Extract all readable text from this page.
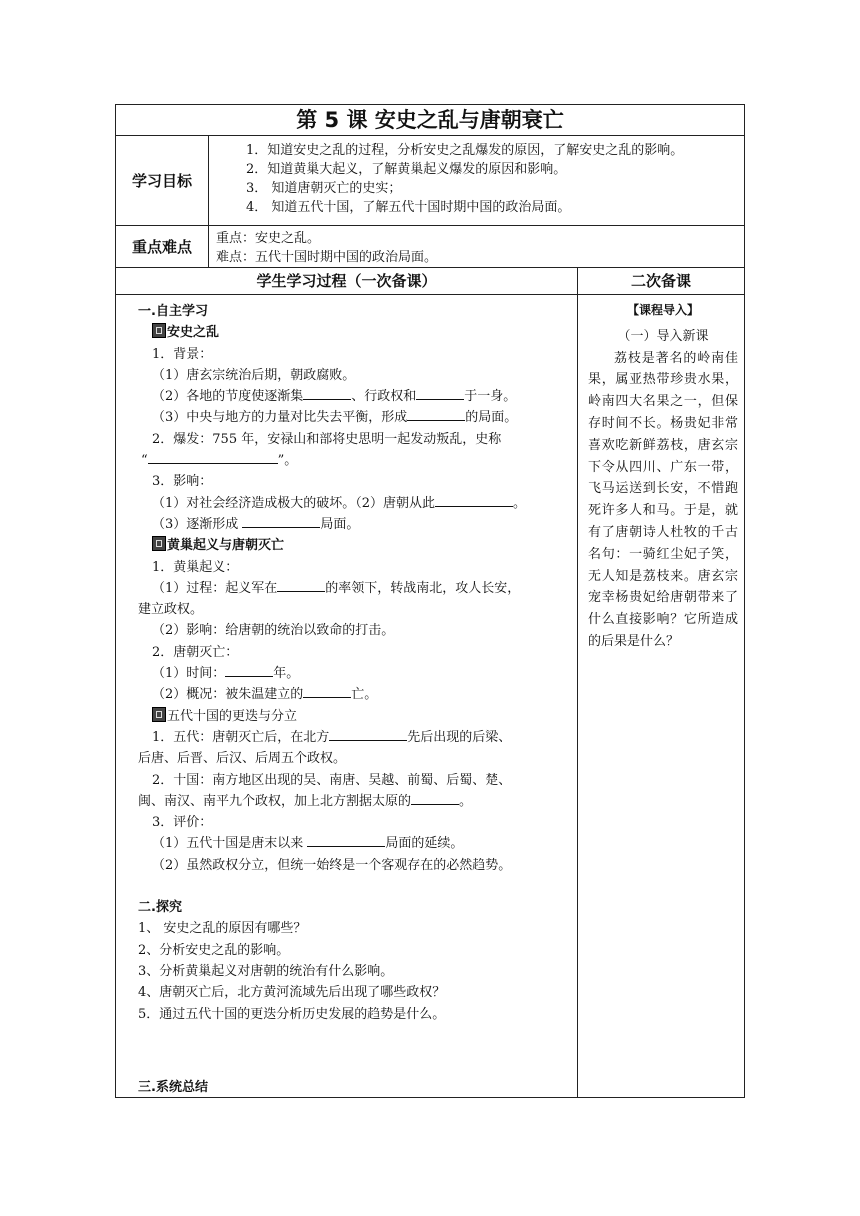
第 5 课 安史之乱与唐朝衰亡
学习目标
1．知道安史之乱的过程，分析安史之乱爆发的原因，了解安史之乱的影响。
2．知道黄巢大起义，了解黄巢起义爆发的原因和影响。
3． 知道唐朝灭亡的史实；
4． 知道五代十国，了解五代十国时期中国的政治局面。
重点难点	重点：安史之乱。
难点：五代十国时期中国的政治局面。
学生学习过程（一次备课）	二次备课
一.自主学习
安史之乱
1．背景：
（1）唐玄宗统治后期，朝政腐败。
（2）各地的节度使逐渐集	、行政权和	于一身。
（3）中央与地方的力量对比失去平衡，形成	的局面。
2．爆发：755 年，安禄山和部将史思明一起发动叛乱，史称
“	”。
3．影响：
（1）对社会经济造成极大的破坏。（2）唐朝从此	。
（3）逐渐形成	局面。
黄巢起义与唐朝灭亡
1．黄巢起义：
（1）过程：起义军在	的率领下，转战南北，攻人长安，
建立政权。
（2）影响：给唐朝的统治以致命的打击。
2．唐朝灭亡：
（1）时间：	年。
（2）概况：被朱温建立的	亡。
五代十国的更迭与分立
1．五代：唐朝灭亡后，在北方	先后出现的后梁、
后唐、后晋、后汉、后周五个政权。
2．十国：南方地区出现的吴、南唐、吴越、前蜀、后蜀、楚、
闽、南汉、南平九个政权，加上北方割据太原的	。
3．评价：
（1）五代十国是唐末以来	局面的延续。
（2）虽然政权分立，但统一始终是一个客观存在的必然趋势。
二.探究
1、 安史之乱的原因有哪些？
2、分析安史之乱的影响。
3、分析黄巢起义对唐朝的统治有什么影响。
4、唐朝灭亡后，北方黄河流域先后出现了哪些政权？
5．通过五代十国的更迭分析历史发展的趋势是什么。
三.系统总结
【课程导入】
（一）导入新课

荔枝是著名的岭南佳果，属亚热带珍贵水果，岭南四大名果之一，但保存时间不长。杨贵妃非常喜欢吃新鲜荔枝，唐玄宗下令从四川、广东一带，飞马运送到长安，不惜跑死许多人和马。于是，就有了唐朝诗人杜牧的千古名句：一骑红尘妃子笑，无人知是荔枝来。唐玄宗宠幸杨贵妃给唐朝带来了什么直接影响？它所造成的后果是什么？
